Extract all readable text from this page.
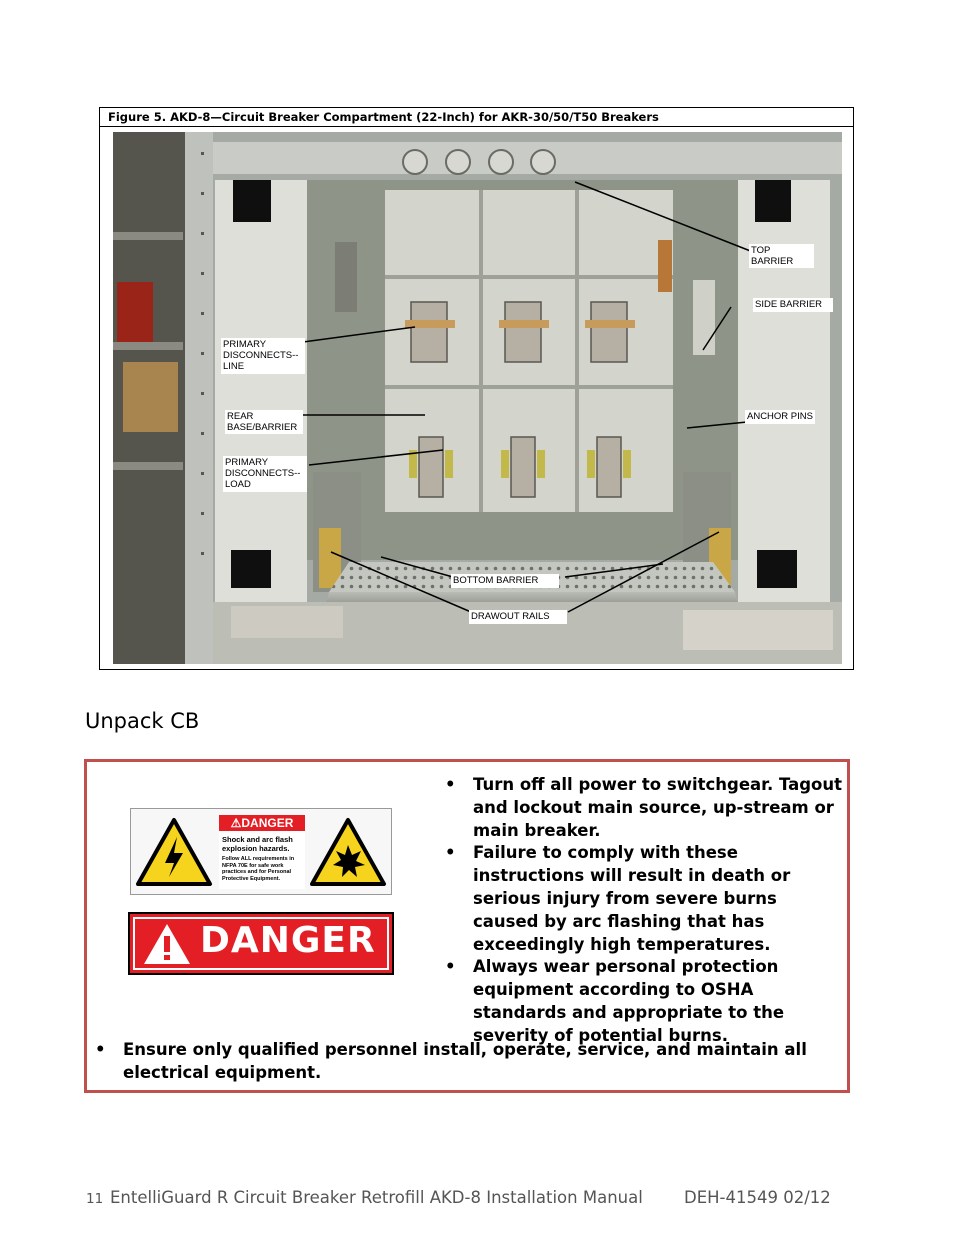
Figure 5. AKD-8—Circuit Breaker Compartment (22-Inch) for AKR-30/50/T50 Breakers
TOP
BARRIER
SIDE BARRIER
ANCHOR PINS
PRIMARY
DISCONNECTS--
LINE
REAR
BASE/BARRIER
PRIMARY
DISCONNECTS--
LOAD
BOTTOM BARRIER
DRAWOUT RAILS
Unpack CB
⚠DANGER
Shock and arc flash explosion hazards.
Follow ALL requirements in NFPA 70E for safe work practices and for Personal Protective Equipment.
DANGER
• Turn off all power to switchgear. Tagout and lockout main source, up-stream or main breaker.
• Failure to comply with these instructions will result in death or serious injury from severe burns caused by arc flashing that has exceedingly high temperatures.
• Always wear personal protection equipment according to OSHA standards and appropriate to the severity of potential burns.

• Ensure only qualified personnel install, operate, service, and maintain all electrical equipment.

11 EntelliGuard R Circuit Breaker Retrofill AKD-8 Installation Manual DEH-41549 02/12
